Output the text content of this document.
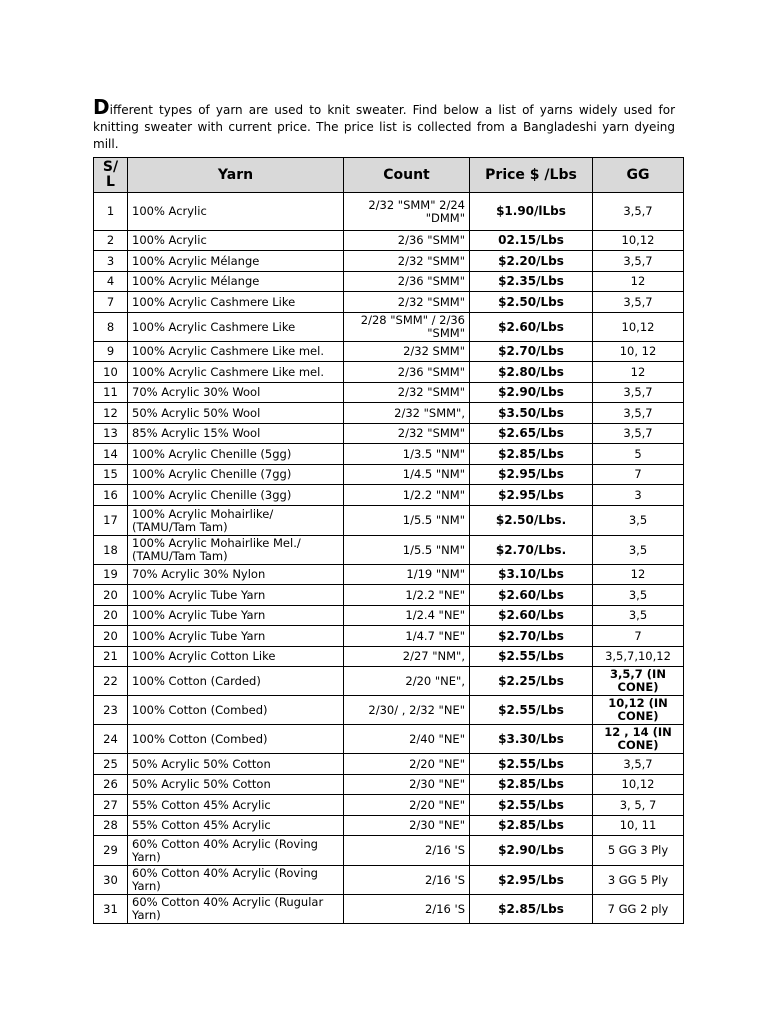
Different types of yarn are used to knit sweater. Find below a list of yarns widely used for knitting sweater with current price. The price list is collected from a Bangladeshi yarn dyeing mill.

S/ L	Yarn	Count	Price $ /Lbs	GG
1	100% Acrylic	2/32 "SMM" 2/24 "DMM"	$1.90/lLbs	3,5,7
2	100% Acrylic	2/36 "SMM"	02.15/Lbs	10,12
3	100% Acrylic Mélange	2/32 "SMM"	$2.20/Lbs	3,5,7
4	100% Acrylic Mélange	2/36 "SMM"	$2.35/Lbs	12
7	100% Acrylic Cashmere Like	2/32 "SMM"	$2.50/Lbs	3,5,7
8	100% Acrylic Cashmere Like	2/28 "SMM" / 2/36 "SMM"	$2.60/Lbs	10,12
9	100% Acrylic Cashmere Like mel.	2/32 SMM"	$2.70/Lbs	10, 12
10	100% Acrylic Cashmere Like mel.	2/36 "SMM"	$2.80/Lbs	12
11	70% Acrylic 30% Wool	2/32 "SMM"	$2.90/Lbs	3,5,7
12	50% Acrylic 50% Wool	2/32 "SMM",	$3.50/Lbs	3,5,7
13	85% Acrylic 15% Wool	2/32 "SMM"	$2.65/Lbs	3,5,7
14	100% Acrylic Chenille (5gg)	1/3.5 "NM"	$2.85/Lbs	5
15	100% Acrylic Chenille (7gg)	1/4.5 "NM"	$2.95/Lbs	7
16	100% Acrylic Chenille (3gg)	1/2.2 "NM"	$2.95/Lbs	3
17	100% Acrylic Mohairlike/ (TAMU/Tam Tam)	1/5.5 "NM"	$2.50/Lbs.	3,5
18	100% Acrylic Mohairlike Mel./ (TAMU/Tam Tam)	1/5.5 "NM"	$2.70/Lbs.	3,5
19	70% Acrylic 30% Nylon	1/19 "NM"	$3.10/Lbs	12
20	100% Acrylic Tube Yarn	1/2.2 "NE"	$2.60/Lbs	3,5
20	100% Acrylic Tube Yarn	1/2.4 "NE"	$2.60/Lbs	3,5
20	100% Acrylic Tube Yarn	1/4.7 "NE"	$2.70/Lbs	7
21	100% Acrylic Cotton Like	2/27 "NM",	$2.55/Lbs	3,5,7,10,12
22	100% Cotton (Carded)	2/20 "NE",	$2.25/Lbs	3,5,7 (IN CONE)
23	100% Cotton (Combed)	2/30/ , 2/32 "NE"	$2.55/Lbs	10,12 (IN CONE)
24	100% Cotton (Combed)	2/40 "NE"	$3.30/Lbs	12 , 14 (IN CONE)
25	50% Acrylic 50% Cotton	2/20 "NE"	$2.55/Lbs	3,5,7
26	50% Acrylic 50% Cotton	2/30 "NE"	$2.85/Lbs	10,12
27	55% Cotton 45% Acrylic	2/20 "NE"	$2.55/Lbs	3, 5, 7
28	55% Cotton 45% Acrylic	2/30 "NE"	$2.85/Lbs	10, 11
29	60% Cotton 40% Acrylic (Roving Yarn)	2/16 'S	$2.90/Lbs	5 GG 3 Ply
30	60% Cotton 40% Acrylic (Roving Yarn)	2/16 'S	$2.95/Lbs	3 GG 5 Ply
31	60% Cotton 40% Acrylic (Rugular Yarn)	2/16 'S	$2.85/Lbs	7 GG 2 ply
